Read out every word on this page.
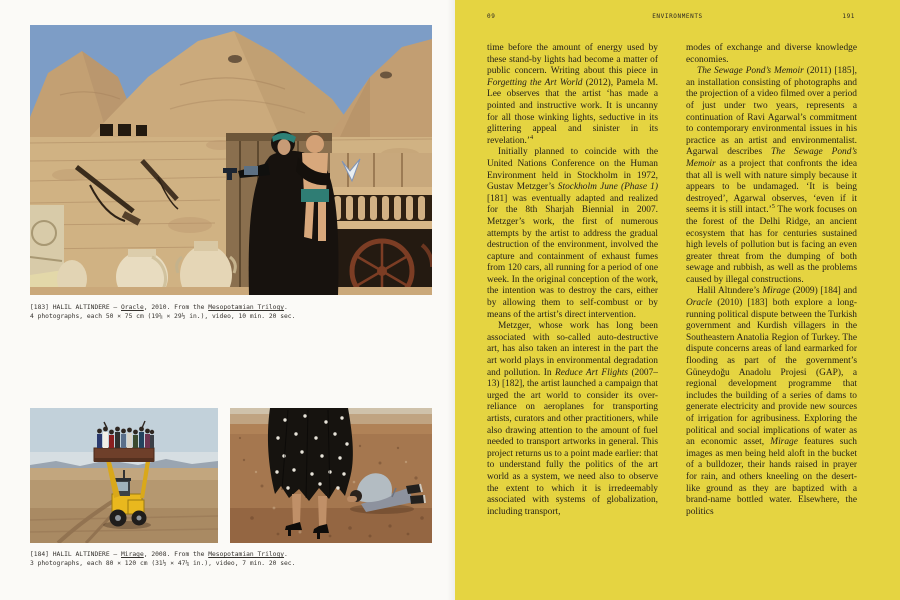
[183] HALIL ALTINDERE – Oracle, 2010. From the Mesopotamian Trilogy.
4 photographs, each 50 × 75 cm (19⅝ × 29½ in.), video, 10 min. 20 sec.
[184] HALIL ALTINDERE – Mirage, 2008. From the Mesopotamian Trilogy.
3 photographs, each 80 × 120 cm (31½ × 47¼ in.), video, 7 min. 20 sec.
09	ENVIRONMENTS	191

time before the amount of energy used by these stand-by lights had become a matter of public concern. Writing about this piece in Forgetting the Art World (2012), Pamela M. Lee observes that the artist ‘has made a pointed and instructive work. It is uncanny for all those winking lights, seductive in its glittering appeal and sinister in its revelation.’$^4$

Initially planned to coincide with the United Nations Conference on the Human Environment held in Stockholm in 1972, Gustav Metzger’s Stockholm June (Phase 1) [181] was eventually adapted and realized for the 8th Sharjah Biennial in 2007. Metzger’s work, the first of numerous attempts by the artist to address the gradual destruction of the environment, involved the capture and containment of exhaust fumes from 120 cars, all running for a period of one week. In the original conception of the work, the intention was to destroy the cars, either by allowing them to self-combust or by means of the artist’s direct intervention.

Metzger, whose work has long been associated with so-called auto-destructive art, has also taken an interest in the part the art world plays in environmental degradation and pollution. In Reduce Art Flights (2007–13) [182], the artist launched a campaign that urged the art world to consider its over-reliance on aeroplanes for transporting artists, curators and other practitioners, while also drawing attention to the amount of fuel needed to transport artworks in general. This project returns us to a point made earlier: that to understand fully the politics of the art world as a system, we need also to observe the extent to which it is irredeemably associated with systems of globalization, including transport,

modes of exchange and diverse knowledge economies.

The Sewage Pond’s Memoir (2011) [185], an installation consisting of photographs and the projection of a video filmed over a period of just under two years, represents a continuation of Ravi Agarwal’s commitment to contemporary environmental issues in his practice as an artist and environmentalist. Agarwal describes The Sewage Pond’s Memoir as a project that confronts the idea that all is well with nature simply because it appears to be undamaged. ‘It is being destroyed’, Agarwal observes, ‘even if it seems it is still intact.’$^5$ The work focuses on the forest of the Delhi Ridge, an ancient ecosystem that has for centuries sustained high levels of pollution but is facing an even greater threat from the dumping of both sewage and rubbish, as well as the problems caused by illegal constructions.

Halil Altındere’s Mirage (2009) [184] and Oracle (2010) [183] both explore a long-running political dispute between the Turkish government and Kurdish villagers in the Southeastern Anatolia Region of Turkey. The dispute concerns areas of land earmarked for flooding as part of the government’s Güneydoğu Anadolu Projesi (GAP), a regional development programme that includes the building of a series of dams to generate electricity and provide new sources of irrigation for agribusiness. Exploring the political and social implications of water as an economic asset, Mirage features such images as men being held aloft in the bucket of a bulldozer, their hands raised in prayer for rain, and others kneeling on the desert-like ground as they are baptized with a brand-name bottled water. Elsewhere, the politics
